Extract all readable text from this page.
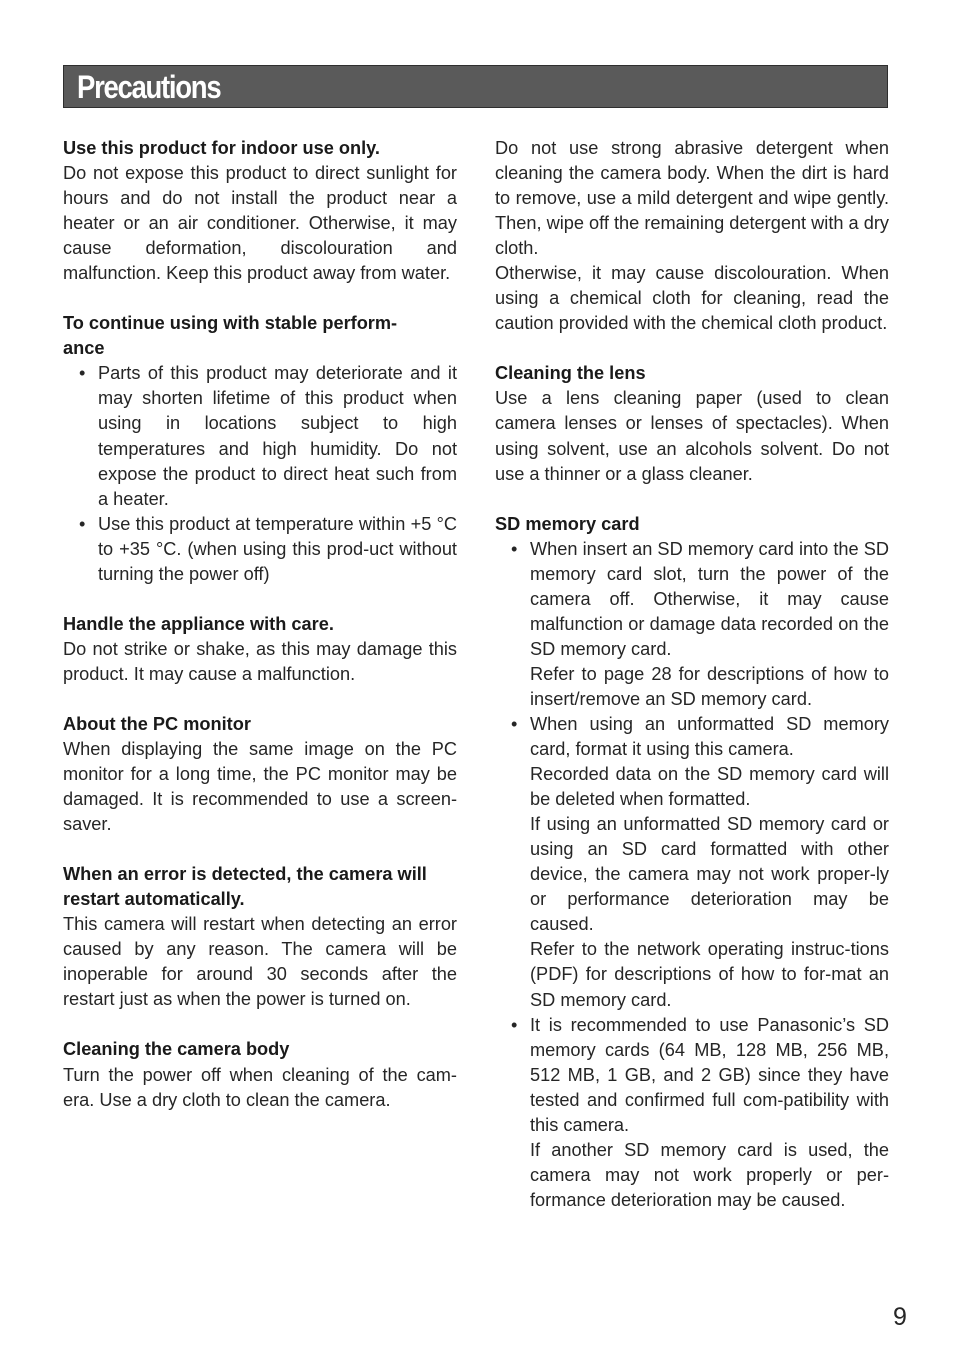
Precautions
Use this product for indoor use only.
Do not expose this product to direct sunlight for hours and do not install the product near a heater or an air conditioner. Otherwise, it may cause deformation, discolouration and malfunction. Keep this product away from water.
To continue using with stable perform-
ance
• Parts of this product may deteriorate and it may shorten lifetime of this product when using in locations subject to high temperatures and high humidity. Do not expose the product to direct heat such from a heater.
• Use this product at temperature within +5 °C to +35 °C. (when using this prod-uct without turning the power off)
Handle the appliance with care.
Do not strike or shake, as this may damage this product. It may cause a malfunction.
About the PC monitor
When displaying the same image on the PC monitor for a long time, the PC monitor may be damaged. It is recommended to use a screen-saver.
When an error is detected, the camera will
restart automatically.
This camera will restart when detecting an error caused by any reason. The camera will be inoperable for around 30 seconds after the restart just as when the power is turned on.
Cleaning the camera body
Turn the power off when cleaning of the cam-era. Use a dry cloth to clean the camera.
Do not use strong abrasive detergent when cleaning the camera body. When the dirt is hard to remove, use a mild detergent and wipe gently. Then, wipe off the remaining detergent with a dry cloth.
Otherwise, it may cause discolouration. When using a chemical cloth for cleaning, read the caution provided with the chemical cloth product.
Cleaning the lens
Use a lens cleaning paper (used to clean camera lenses or lenses of spectacles). When using solvent, use an alcohols solvent. Do not use a thinner or a glass cleaner.
SD memory card
• When insert an SD memory card into the SD memory card slot, turn the power of the camera off. Otherwise, it may cause malfunction or damage data recorded on the SD memory card.
Refer to page 28 for descriptions of how to insert/remove an SD memory card.
• When using an unformatted SD memory card, format it using this camera.
Recorded data on the SD memory card will be deleted when formatted.
If using an unformatted SD memory card or using an SD card formatted with other device, the camera may not work proper-ly or performance deterioration may be caused.
Refer to the network operating instruc-tions (PDF) for descriptions of how to for-mat an SD memory card.
• It is recommended to use Panasonic’s SD memory cards (64 MB, 128 MB, 256 MB, 512 MB, 1 GB, and 2 GB) since they have tested and confirmed full com-patibility with this camera.
If another SD memory card is used, the camera may not work properly or per-formance deterioration may be caused.
9
